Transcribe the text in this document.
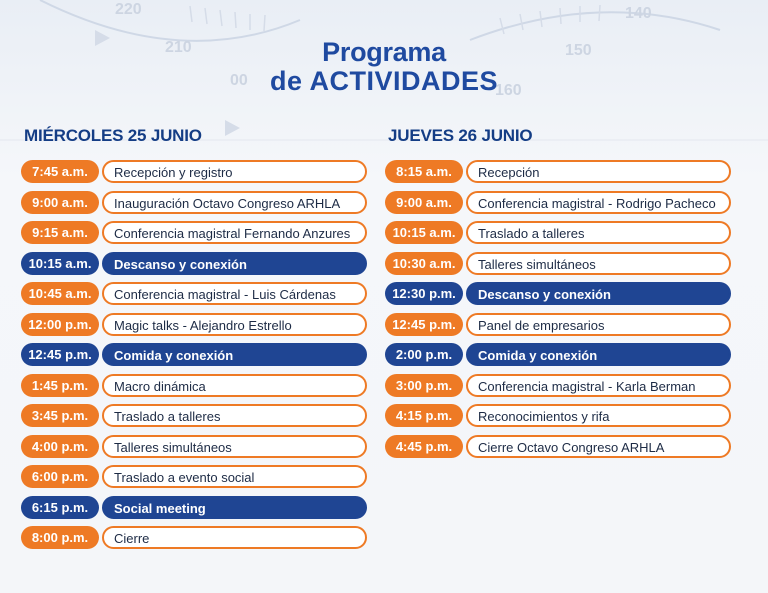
220
210	150
140
160
00
Programa
de ACTIVIDADES
MIÉRCOLES 25 JUNIO	JUEVES 26 JUNIO
7:45 a.m.	Recepción y registro
9:00 a.m.	Inauguración Octavo Congreso ARHLA
9:15 a.m.	Conferencia magistral Fernando Anzures
10:15 a.m.	Descanso y conexión
10:45 a.m.	Conferencia magistral - Luis Cárdenas
12:00 p.m.	Magic talks - Alejandro Estrello
12:45 p.m.	Comida y conexión
1:45 p.m.	Macro dinámica
3:45 p.m.	Traslado a talleres
4:00 p.m.	Talleres simultáneos
6:00 p.m.	Traslado a evento social
6:15 p.m.	Social meeting
8:00 p.m.	Cierre
8:15 a.m.	Recepción
9:00 a.m.	Conferencia magistral - Rodrigo Pacheco
10:15 a.m.	Traslado a talleres
10:30 a.m.	Talleres simultáneos
12:30 p.m.	Descanso y conexión
12:45 p.m.	Panel de empresarios
2:00 p.m.	Comida y conexión
3:00 p.m.	Conferencia magistral - Karla Berman
4:15 p.m.	Reconocimientos y rifa
4:45 p.m.	Cierre Octavo Congreso ARHLA
